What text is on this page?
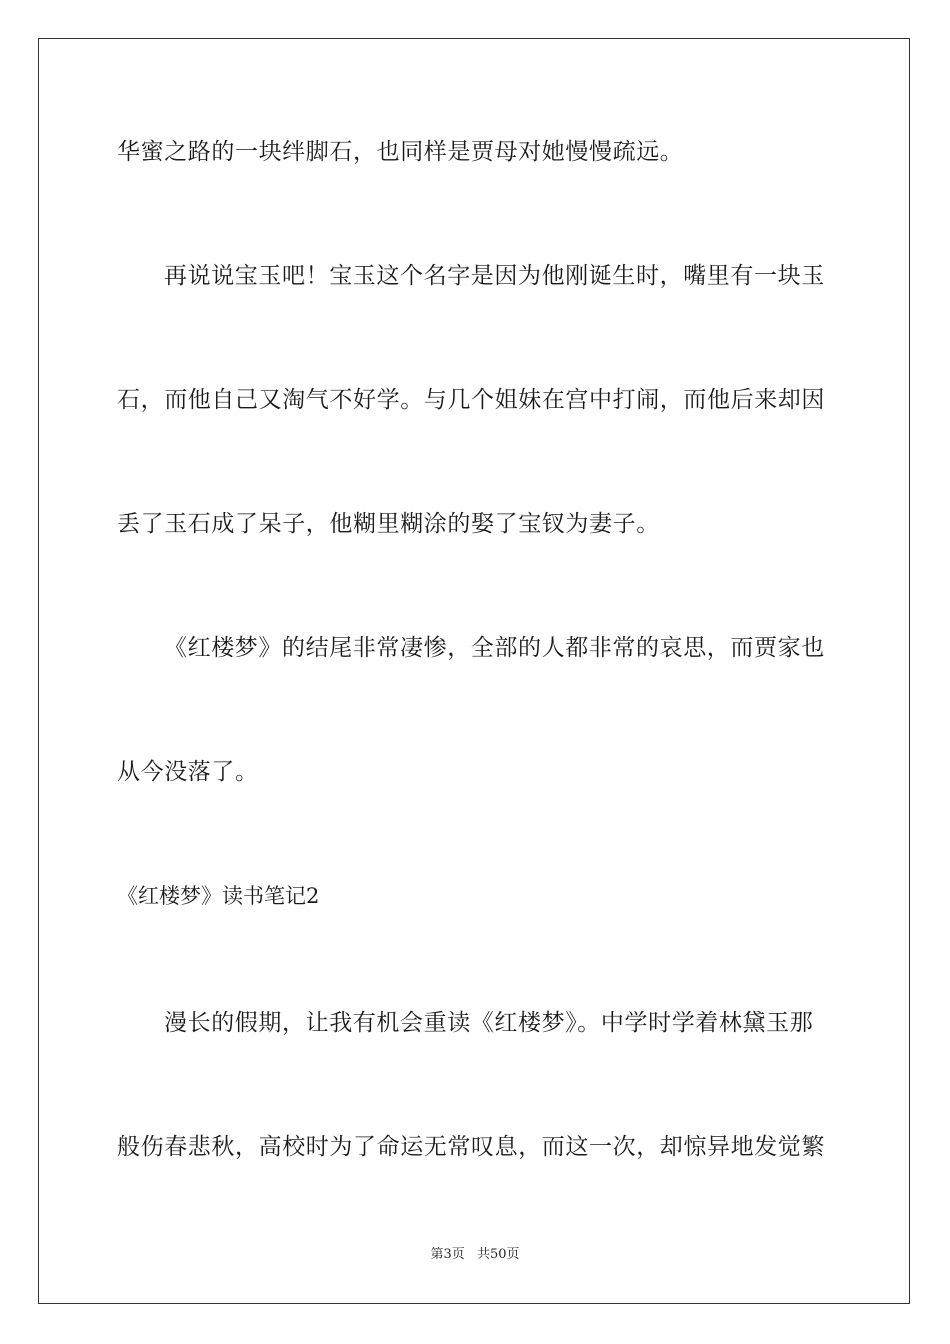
华蜜之路的一块绊脚石，也同样是贾母对她慢慢疏远。
再说说宝玉吧！宝玉这个名字是因为他刚诞生时，嘴里有一块玉
石，而他自己又淘气不好学。与几个姐妹在宫中打闹，而他后来却因
丢了玉石成了呆子，他糊里糊涂的娶了宝钗为妻子。
《红楼梦》的结尾非常凄惨，全部的人都非常的哀思，而贾家也
从今没落了。
《红楼梦》读书笔记2
漫长的假期，让我有机会重读《红楼梦》。中学时学着林黛玉那
般伤春悲秋，高校时为了命运无常叹息，而这一次，却惊异地发觉繁
第3页 共50页
